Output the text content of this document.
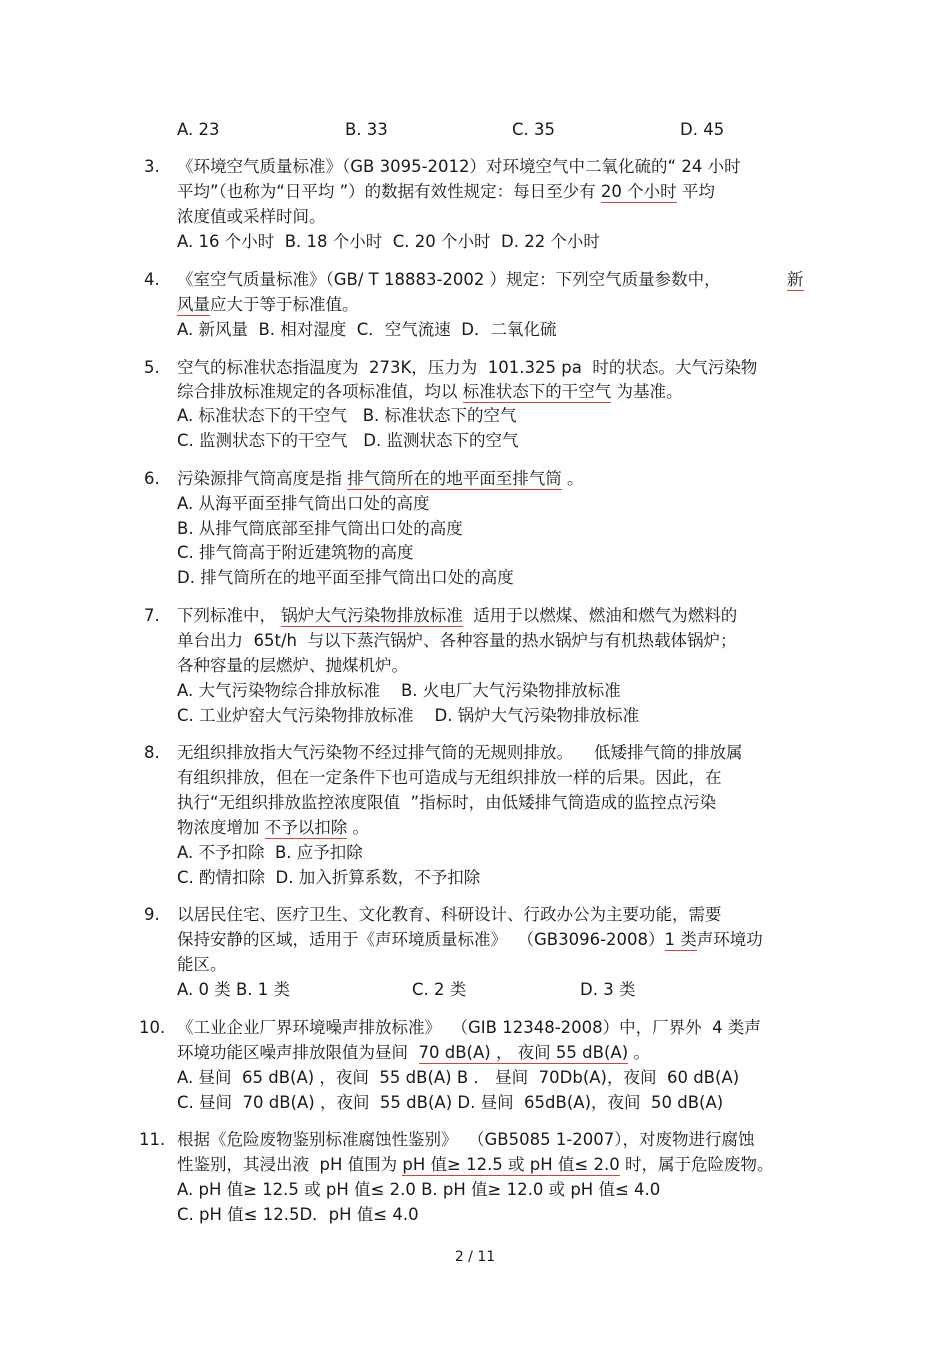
A. 23	B. 33	C. 35	D. 45
3. 《环境空气质量标准》（GB 3095-2012）对环境空气中二氧化硫的“ 24 小时
平均”（也称为“日平均 ”）的数据有效性规定：每日至少有 20 个小时 平均
浓度值或采样时间。
A. 16 个小时  B. 18 个小时  C. 20 个小时  D. 22 个小时
4. 《室空气质量标准》（GB/ T 18883-2002 ）规定：下列空气质量参数中，	新
风量应大于等于标准值。
A. 新风量  B. 相对湿度  C．空气流速  D．二氧化硫
5. 空气的标准状态指温度为  273K，压力为  101.325 pa  时的状态。大气污染物
综合排放标准规定的各项标准值，均以 标准状态下的干空气 为基准。
A. 标准状态下的干空气   B. 标准状态下的空气
C. 监测状态下的干空气   D. 监测状态下的空气
6. 污染源排气筒高度是指 排气筒所在的地平面至排气筒 。
A. 从海平面至排气筒出口处的高度
B. 从排气筒底部至排气筒出口处的高度
C. 排气筒高于附近建筑物的高度
D. 排气筒所在的地平面至排气筒出口处的高度
7. 下列标准中， 锅炉大气污染物排放标准  适用于以燃煤、燃油和燃气为燃料的
单台出力  65t/h  与以下蒸汽锅炉、各种容量的热水锅炉与有机热载体锅炉；
各种容量的层燃炉、抛煤机炉。
A. 大气污染物综合排放标准    B. 火电厂大气污染物排放标准
C. 工业炉窑大气污染物排放标准    D. 锅炉大气污染物排放标准
8. 无组织排放指大气污染物不经过排气筒的无规则排放。    低矮排气筒的排放属
有组织排放，但在一定条件下也可造成与无组织排放一样的后果。因此，在
执行“无组织排放监控浓度限值  ”指标时，由低矮排气筒造成的监控点污染
物浓度增加 不予以扣除 。
A. 不予扣除  B. 应予扣除
C. 酌情扣除  D. 加入折算系数，不予扣除
9. 以居民住宅、医疗卫生、文化教育、科研设计、行政办公为主要功能，需要
保持安静的区域，适用于《声环境质量标准》  （GB3096-2008）1 类声环境功
能区。
A. 0 类 B. 1 类	C. 2 类	D. 3 类
10. 《工业企业厂界环境噪声排放标准》  （GIB 12348-2008）中，厂界外  4 类声
环境功能区噪声排放限值为昼间  70 dB(A) ， 夜间 55 dB(A) 。
A. 昼间  65 dB(A) ，夜间  55 dB(A) B ． 昼间  70Db(A)，夜间  60 dB(A)
C. 昼间  70 dB(A) ，夜间  55 dB(A) D. 昼间  65dB(A)，夜间  50 dB(A)
11. 根据《危险废物鉴别标准腐蚀性鉴别》  （GB5085 1-2007），对废物进行腐蚀
性鉴别，其浸出液  pH 值围为 pH 值≥ 12.5 或 pH 值≤ 2.0 时，属于危险废物。
A. pH 值≥ 12.5 或 pH 值≤ 2.0 B. pH 值≥ 12.0 或 pH 值≤ 4.0
C. pH 值≤ 12.5D．pH 值≤ 4.0
2 / 11
